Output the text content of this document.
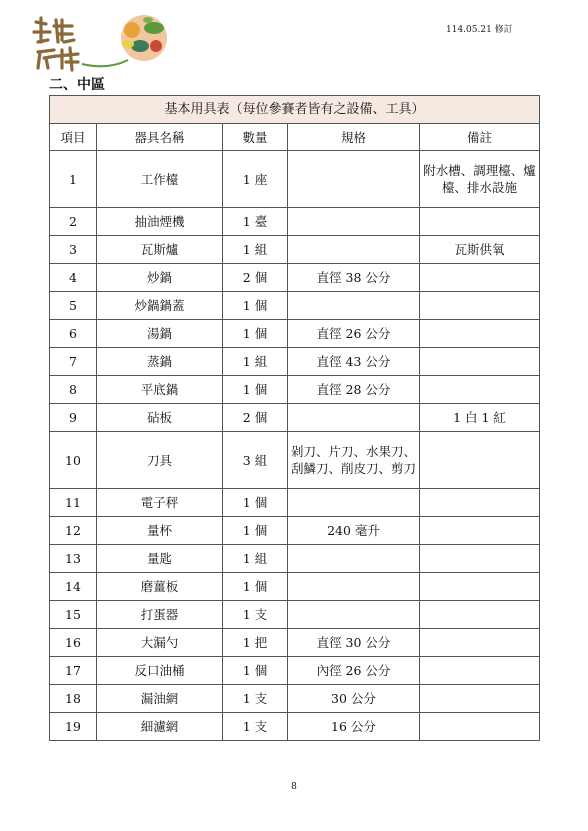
114.05.21 修訂
二、中區
基本用具表（每位參賽者皆有之設備、工具）				
項目	器具名稱	數量	規格	備註
1	工作檯	1 座		附水槽、調理檯、爐檯、排水設施
2	抽油煙機	1 臺		
3	瓦斯爐	1 組		瓦斯供氧
4	炒鍋	2 個	直徑 38 公分	
5	炒鍋鍋蓋	1 個		
6	湯鍋	1 個	直徑 26 公分	
7	蒸鍋	1 組	直徑 43 公分	
8	平底鍋	1 個	直徑 28 公分	
9	砧板	2 個		1 白 1 紅
10	刀具	3 組	剁刀、片刀、水果刀、刮鱗刀、削皮刀、剪刀	
11	電子秤	1 個		
12	量杯	1 個	240 毫升	
13	量匙	1 組		
14	磨薑板	1 個		
15	打蛋器	1 支		
16	大漏勺	1 把	直徑 30 公分	
17	反口油桶	1 個	內徑 26 公分	
18	漏油網	1 支	30 公分	
19	細濾網	1 支	16 公分	
8
